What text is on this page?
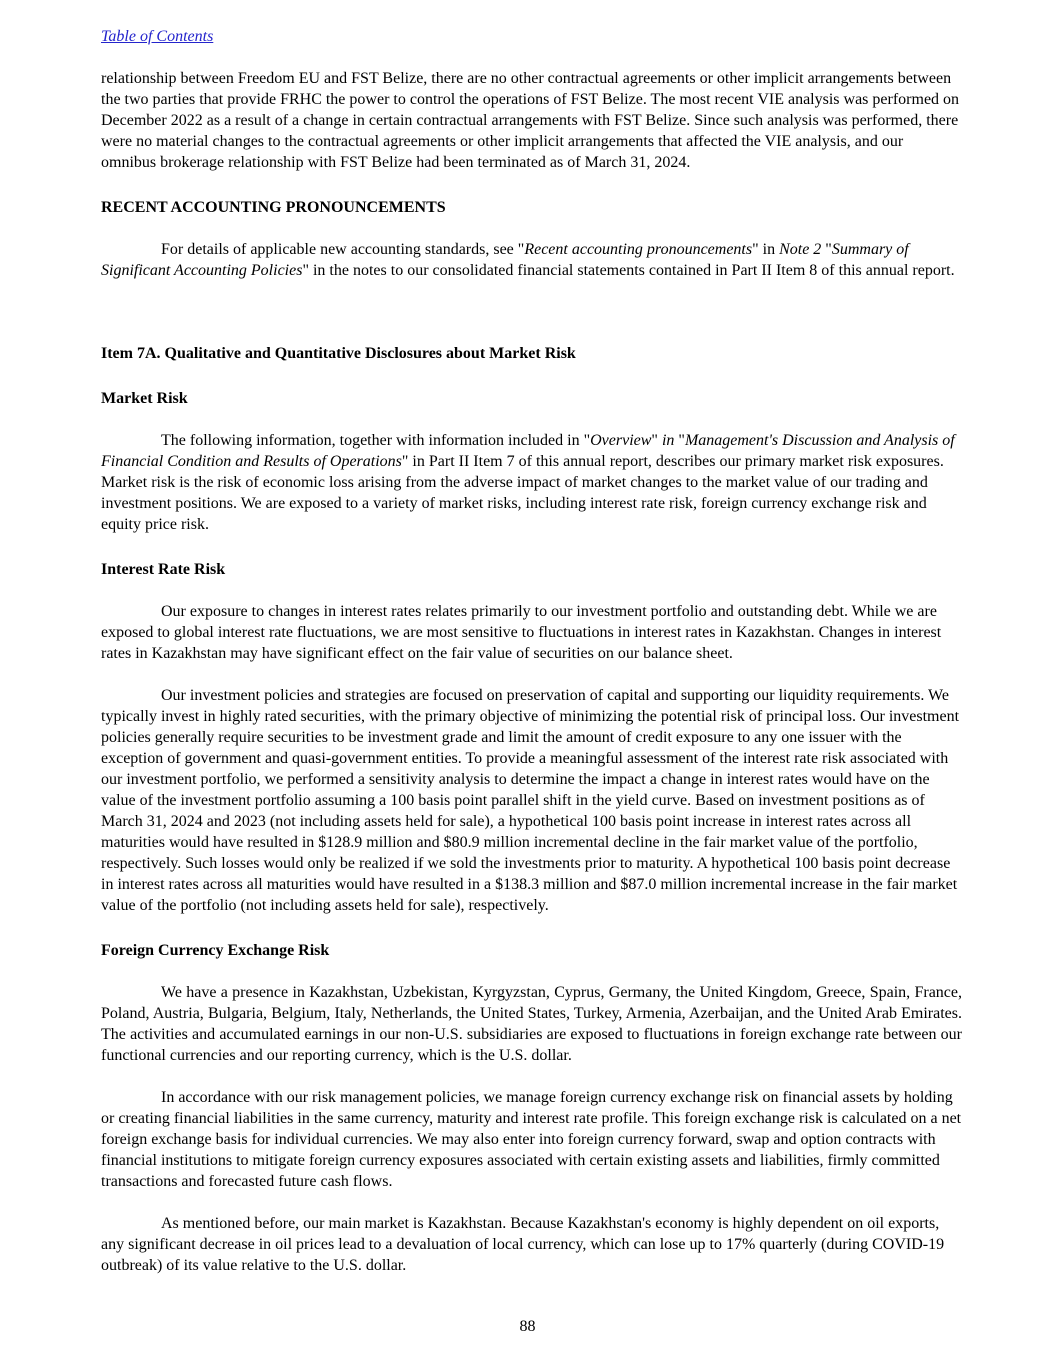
Table of Contents

relationship between Freedom EU and FST Belize, there are no other contractual agreements or other implicit arrangements between the two parties that provide FRHC the power to control the operations of FST Belize. The most recent VIE analysis was performed on December 2022 as a result of a change in certain contractual arrangements with FST Belize. Since such analysis was performed, there were no material changes to the contractual agreements or other implicit arrangements that affected the VIE analysis, and our omnibus brokerage relationship with FST Belize had been terminated as of March 31, 2024.

RECENT ACCOUNTING PRONOUNCEMENTS

For details of applicable new accounting standards, see "Recent accounting pronouncements" in Note 2 "Summary of Significant Accounting Policies" in the notes to our consolidated financial statements contained in Part II Item 8 of this annual report.

Item 7A. Qualitative and Quantitative Disclosures about Market Risk

Market Risk

The following information, together with information included in "Overview" in "Management's Discussion and Analysis of Financial Condition and Results of Operations" in Part II Item 7 of this annual report, describes our primary market risk exposures. Market risk is the risk of economic loss arising from the adverse impact of market changes to the market value of our trading and investment positions. We are exposed to a variety of market risks, including interest rate risk, foreign currency exchange risk and equity price risk.

Interest Rate Risk

Our exposure to changes in interest rates relates primarily to our investment portfolio and outstanding debt. While we are exposed to global interest rate fluctuations, we are most sensitive to fluctuations in interest rates in Kazakhstan. Changes in interest rates in Kazakhstan may have significant effect on the fair value of securities on our balance sheet.

Our investment policies and strategies are focused on preservation of capital and supporting our liquidity requirements. We typically invest in highly rated securities, with the primary objective of minimizing the potential risk of principal loss. Our investment policies generally require securities to be investment grade and limit the amount of credit exposure to any one issuer with the exception of government and quasi-government entities. To provide a meaningful assessment of the interest rate risk associated with our investment portfolio, we performed a sensitivity analysis to determine the impact a change in interest rates would have on the value of the investment portfolio assuming a 100 basis point parallel shift in the yield curve. Based on investment positions as of March 31, 2024 and 2023 (not including assets held for sale), a hypothetical 100 basis point increase in interest rates across all maturities would have resulted in $128.9 million and $80.9 million incremental decline in the fair market value of the portfolio, respectively. Such losses would only be realized if we sold the investments prior to maturity. A hypothetical 100 basis point decrease in interest rates across all maturities would have resulted in a $138.3 million and $87.0 million incremental increase in the fair market value of the portfolio (not including assets held for sale), respectively.

Foreign Currency Exchange Risk

We have a presence in Kazakhstan, Uzbekistan, Kyrgyzstan, Cyprus, Germany, the United Kingdom, Greece, Spain, France, Poland, Austria, Bulgaria, Belgium, Italy, Netherlands, the United States, Turkey, Armenia, Azerbaijan, and the United Arab Emirates. The activities and accumulated earnings in our non-U.S. subsidiaries are exposed to fluctuations in foreign exchange rate between our functional currencies and our reporting currency, which is the U.S. dollar.

In accordance with our risk management policies, we manage foreign currency exchange risk on financial assets by holding or creating financial liabilities in the same currency, maturity and interest rate profile. This foreign exchange risk is calculated on a net foreign exchange basis for individual currencies. We may also enter into foreign currency forward, swap and option contracts with financial institutions to mitigate foreign currency exposures associated with certain existing assets and liabilities, firmly committed transactions and forecasted future cash flows.

As mentioned before, our main market is Kazakhstan. Because Kazakhstan's economy is highly dependent on oil exports, any significant decrease in oil prices lead to a devaluation of local currency, which can lose up to 17% quarterly (during COVID-19 outbreak) of its value relative to the U.S. dollar.

88
